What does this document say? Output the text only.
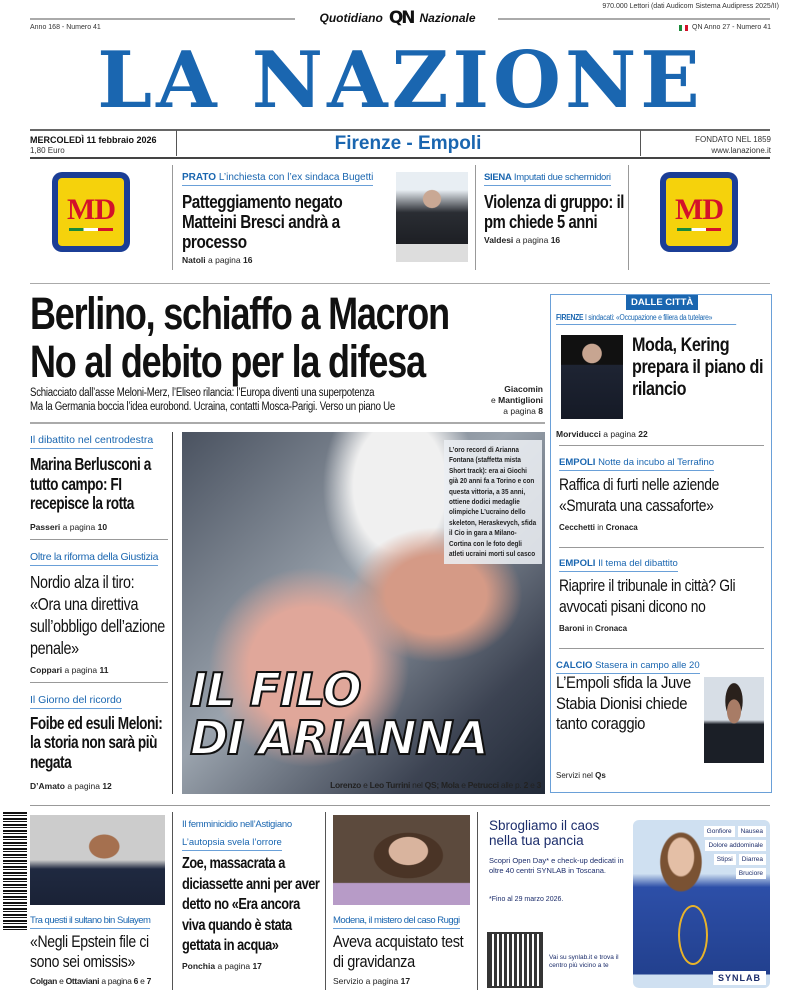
970.000 Lettori (dati Audicom Sistema Audipress 2025/II)
Quotidiano QN Nazionale
Anno 168 - Numero 41	QN Anno 27 - Numero 41
LA NAZIONE
MERCOLEDÌ 11 febbraio 2026
1,80 Euro	Firenze - Empoli	FONDATO NEL 1859
www.lanazione.it
MD	MD
PRATO L’inchiesta con l’ex sindaca Bugetti
Patteggiamento negato Matteini Bresci andrà a processo
Natoli a pagina 16
SIENA Imputati due schermidori
Violenza di gruppo: il pm chiede 5 anni
Valdesi a pagina 16
Berlino, schiaffo a Macron
No al debito per la difesa
Schiacciato dall’asse Meloni-Merz, l’Eliseo rilancia: l’Europa diventi una superpotenza
Ma la Germania boccia l’idea eurobond. Ucraina, contatti Mosca-Parigi. Verso un piano Ue
Giacomin
e Mantiglioni
a pagina 8
Il dibattito nel centrodestra
Marina Berlusconi a tutto campo: FI recepisce la rotta
Passeri a pagina 10
Oltre la riforma della Giustizia
Nordio alza il tiro: «Ora una direttiva sull’obbligo dell’azione penale»
Coppari a pagina 11
Il Giorno del ricordo
Foibe ed esuli Meloni: la storia non sarà più negata
D’Amato a pagina 12
L’oro record di Arianna Fontana (staffetta mista Short track): era ai Giochi già 20 anni fa a Torino e con questa vittoria, a 35 anni, ottiene dodici medaglie olimpiche L’ucraino dello skeleton, Heraskevych, sfida il Cio in gara a Milano-Cortina con le foto degli atleti ucraini morti sul casco
IL FILO
DI ARIANNA
Lorenzo e Leo Turrini nel QS; Mola e Petrucci alle p. 2 e 3
DALLE CITTÀ
FIRENZE I sindacati: «Occupazione e filiera da tutelare»
Moda, Kering prepara il piano di rilancio
Morviducci a pagina 22
EMPOLI Notte da incubo al Terrafino
Raffica di furti nelle aziende «Smurata una cassaforte»
Cecchetti in Cronaca
EMPOLI Il tema del dibattito
Riaprire il tribunale in città? Gli avvocati pisani dicono no
Baroni in Cronaca
CALCIO Stasera in campo alle 20
L’Empoli sfida la Juve Stabia Dionisi chiede tanto coraggio
Servizi nel Qs
Tra questi il sultano bin Sulayem
«Negli Epstein file ci sono sei omissis»
Colgan e Ottaviani a pagina 6 e 7
Il femminicidio nell’Astigiano L’autopsia svela l’orrore
Zoe, massacrata a diciassette anni per aver detto no «Era ancora viva quando è stata gettata in acqua»
Ponchia a pagina 17
Modena, il mistero del caso Ruggi
Aveva acquistato test di gravidanza
Servizio a pagina 17
Sbrogliamo il caos nella tua pancia
Scopri Open Day* e check-up dedicati in oltre 40 centri SYNLAB in Toscana.
*Fino al 29 marzo 2026.
Vai su synlab.it e trova il centro più vicino a te
Gonfiore	Nausea
Dolore addominale
Stipsi	Diarrea
Bruciore
SYNLAB
